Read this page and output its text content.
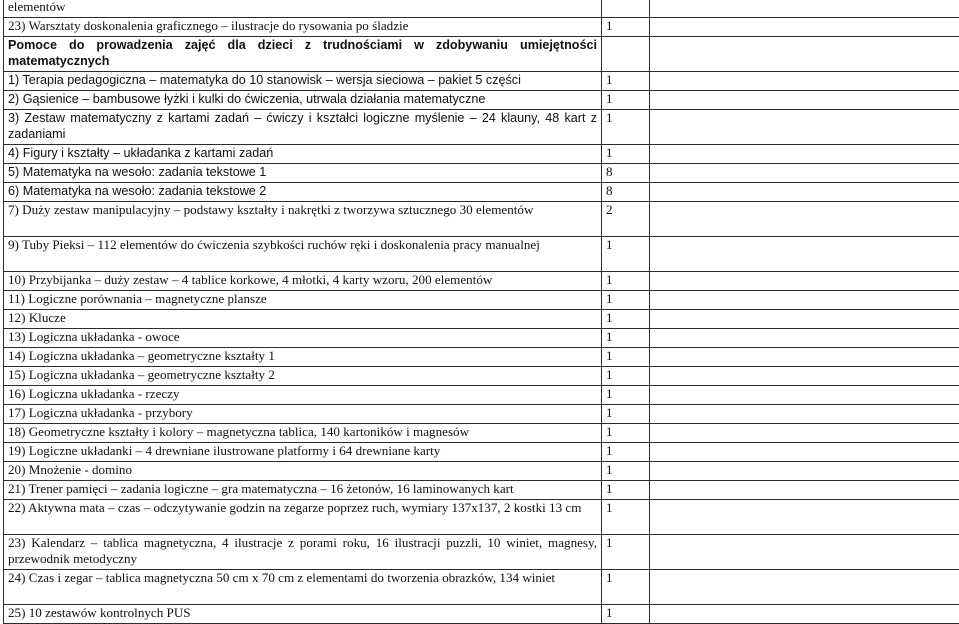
elementów		
23) Warsztaty doskonalenia graficznego – ilustracje do rysowania po śladzie	1	
Pomoce do prowadzenia zajęć dla dzieci z trudnościami w zdobywaniu umiejętności matematycznych		
1) Terapia pedagogiczna – matematyka do 10 stanowisk – wersja sieciowa – pakiet 5 części	1	
2) Gąsienice – bambusowe łyżki i kulki do ćwiczenia, utrwala działania matematyczne	1	
3) Zestaw matematyczny z kartami zadań – ćwiczy i kształci logiczne myślenie – 24 klauny, 48 kart z zadaniami	1	
4) Figury i kształty – układanka z kartami zadań	1	
5) Matematyka na wesoło: zadania tekstowe 1	8	
6) Matematyka na wesoło: zadania tekstowe 2	8	
7) Duży zestaw manipulacyjny – podstawy kształty i nakrętki z tworzywa sztucznego 30 elementów	2	
9) Tuby Pieksi – 112 elementów do ćwiczenia szybkości ruchów ręki i doskonalenia pracy manualnej	1	
10) Przybijanka – duży zestaw – 4 tablice korkowe, 4 młotki, 4 karty wzoru, 200 elementów	1	
11) Logiczne porównania – magnetyczne plansze	1	
12) Klucze	1	
13) Logiczna układanka - owoce	1	
14) Logiczna układanka – geometryczne kształty 1	1	
15) Logiczna układanka – geometryczne kształty 2	1	
16) Logiczna układanka - rzeczy	1	
17) Logiczna układanka - przybory	1	
18) Geometryczne kształty i kolory – magnetyczna tablica, 140 kartoników i magnesów	1	
19) Logiczne układanki – 4 drewniane ilustrowane platformy i 64 drewniane karty	1	
20) Mnożenie - domino	1	
21) Trener pamięci – zadania logiczne – gra matematyczna – 16 żetonów, 16 laminowanych kart	1	
22) Aktywna mata – czas – odczytywanie godzin na zegarze poprzez ruch, wymiary 137x137, 2 kostki 13 cm	1	
23) Kalendarz – tablica magnetyczna, 4 ilustracje z porami roku, 16 ilustracji puzzli, 10 winiet, magnesy, przewodnik metodyczny	1	
24) Czas i zegar – tablica magnetyczna 50 cm x 70 cm z elementami do tworzenia obrazków, 134 winiet	1	
25) 10 zestawów kontrolnych PUS	1	
